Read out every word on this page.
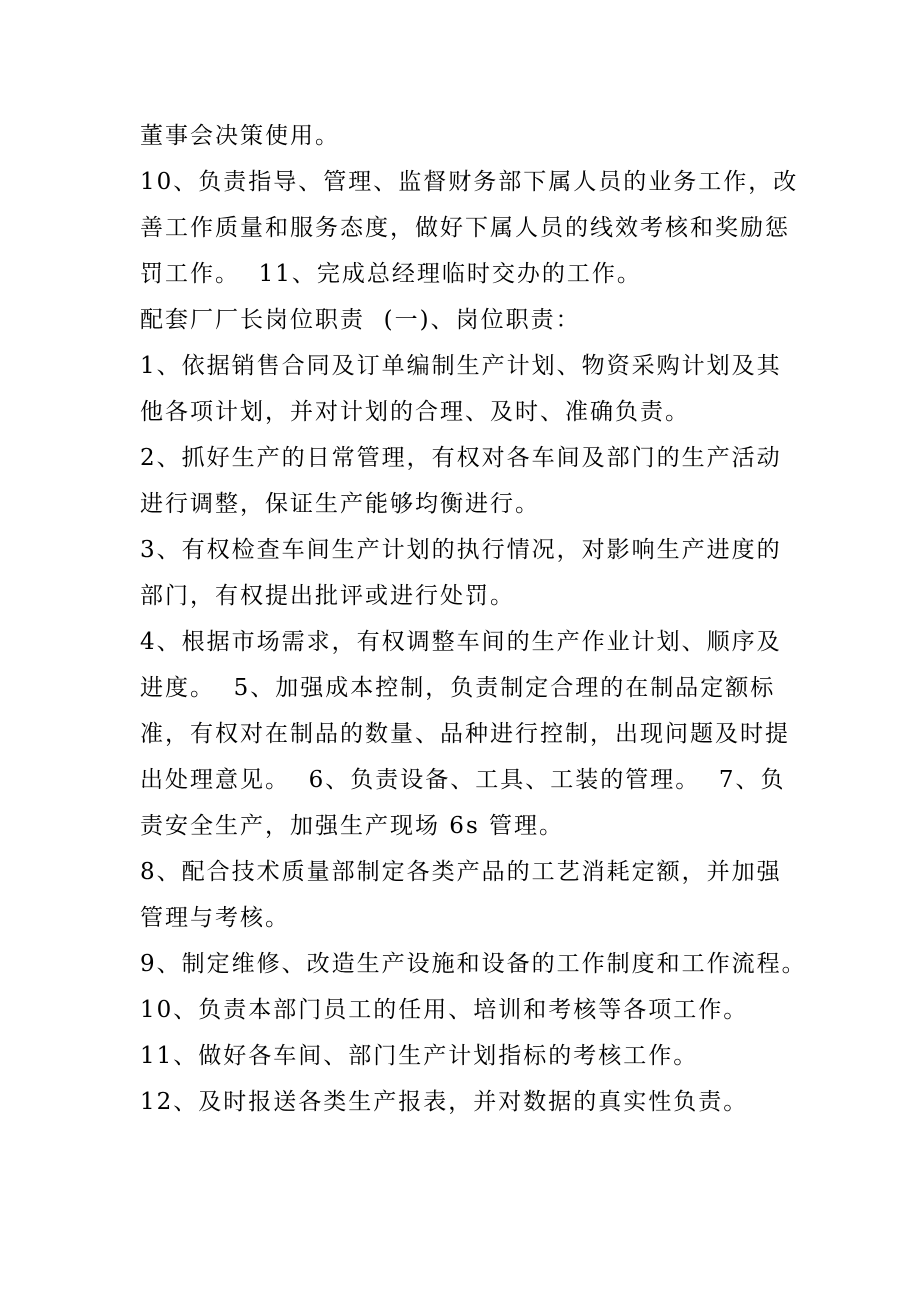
董事会决策使用。
10、负责指导、管理、监督财务部下属人员的业务工作，改
善工作质量和服务态度，做好下属人员的线效考核和奖励惩
罚工作。  11、完成总经理临时交办的工作。
配套厂厂长岗位职责  (一)、岗位职责：
1、依据销售合同及订单编制生产计划、物资采购计划及其
他各项计划，并对计划的合理、及时、准确负责。
2、抓好生产的日常管理，有权对各车间及部门的生产活动
进行调整，保证生产能够均衡进行。
3、有权检查车间生产计划的执行情况，对影响生产进度的
部门，有权提出批评或进行处罚。
4、根据市场需求，有权调整车间的生产作业计划、顺序及
进度。  5、加强成本控制，负责制定合理的在制品定额标
准，有权对在制品的数量、品种进行控制，出现问题及时提
出处理意见。  6、负责设备、工具、工装的管理。  7、负
责安全生产，加强生产现场 6s 管理。
8、配合技术质量部制定各类产品的工艺消耗定额，并加强
管理与考核。
9、制定维修、改造生产设施和设备的工作制度和工作流程。
10、负责本部门员工的任用、培训和考核等各项工作。
11、做好各车间、部门生产计划指标的考核工作。
12、及时报送各类生产报表，并对数据的真实性负责。
